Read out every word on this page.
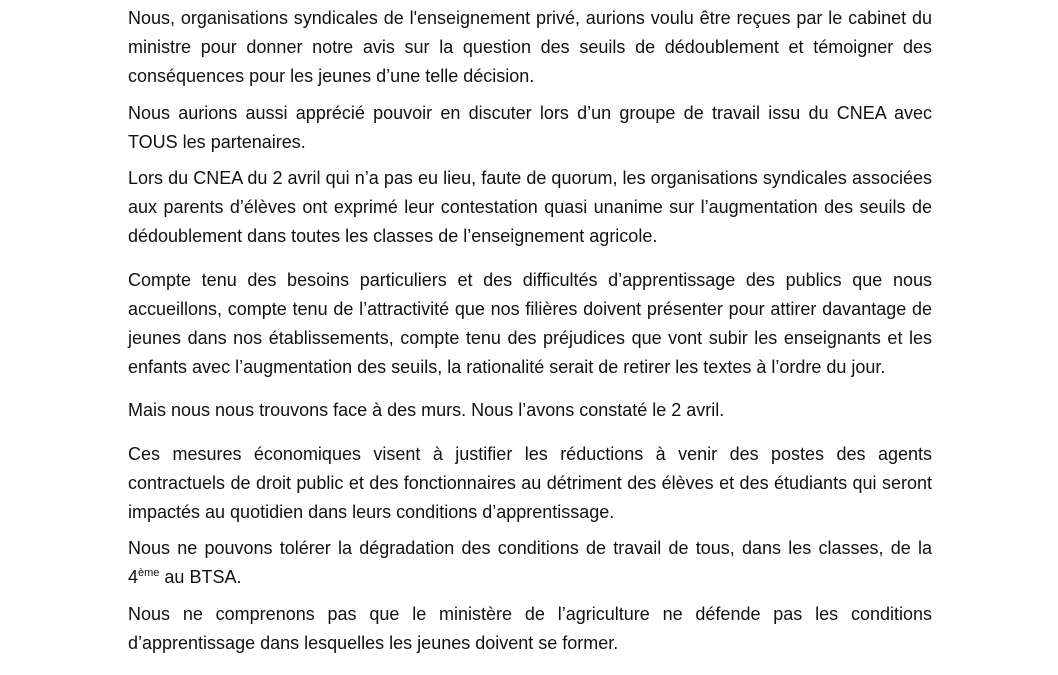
Nous, organisations syndicales de l'enseignement privé, aurions voulu être reçues par le cabinet du ministre pour donner notre avis sur la question des seuils de dédoublement et témoigner des conséquences pour les jeunes d’une telle décision.

Nous aurions aussi apprécié pouvoir en discuter lors d’un groupe de travail issu du CNEA avec TOUS les partenaires.

Lors du CNEA du 2 avril qui n’a pas eu lieu, faute de quorum, les organisations syndicales associées aux parents d’élèves ont exprimé leur contestation quasi unanime sur l’augmentation des seuils de dédoublement dans toutes les classes de l’enseignement agricole.

Compte tenu des besoins particuliers et des difficultés d’apprentissage des publics que nous accueillons, compte tenu de l’attractivité que nos filières doivent présenter pour attirer davantage de jeunes dans nos établissements, compte tenu des préjudices que vont subir les enseignants et les enfants avec l’augmentation des seuils, la rationalité serait de retirer les textes à l’ordre du jour.

Mais nous nous trouvons face à des murs. Nous l’avons constaté le 2 avril.

Ces mesures économiques visent à justifier les réductions à venir des postes des agents contractuels de droit public et des fonctionnaires au détriment des élèves et des étudiants qui seront impactés au quotidien dans leurs conditions d’apprentissage.

Nous ne pouvons tolérer la dégradation des conditions de travail de tous, dans les classes, de la 4ème au BTSA.

Nous ne comprenons pas que le ministère de l’agriculture ne défende pas les conditions d’apprentissage dans lesquelles les jeunes doivent se former.
